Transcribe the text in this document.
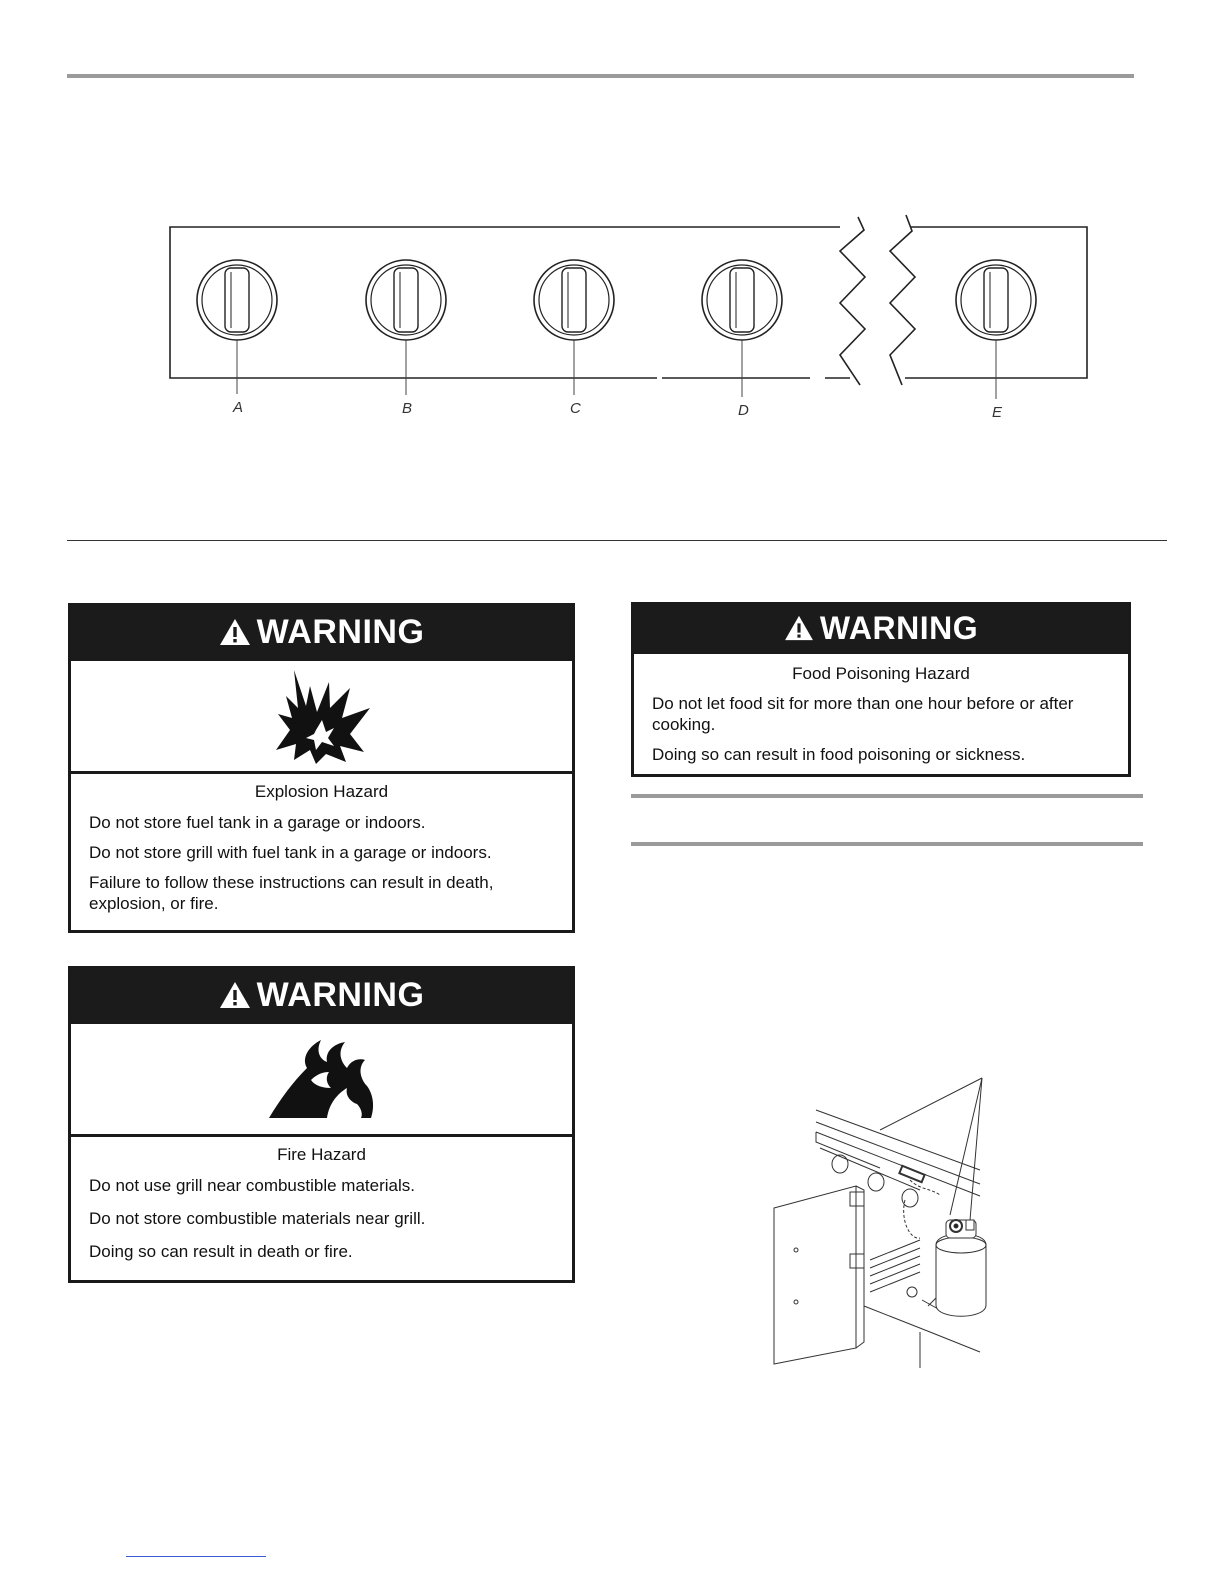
A	B	C	D	E
WARNING
Explosion Hazard

Do not store fuel tank in a garage or indoors.

Do not store grill with fuel tank in a garage or indoors.

Failure to follow these instructions can result in death, explosion, or fire.

WARNING
Fire Hazard

Do not use grill near combustible materials.

Do not store combustible materials near grill.

Doing so can result in death or fire.

WARNING
Food Poisoning Hazard

Do not let food sit for more than one hour before or after cooking.

Doing so can result in food poisoning or sickness.
